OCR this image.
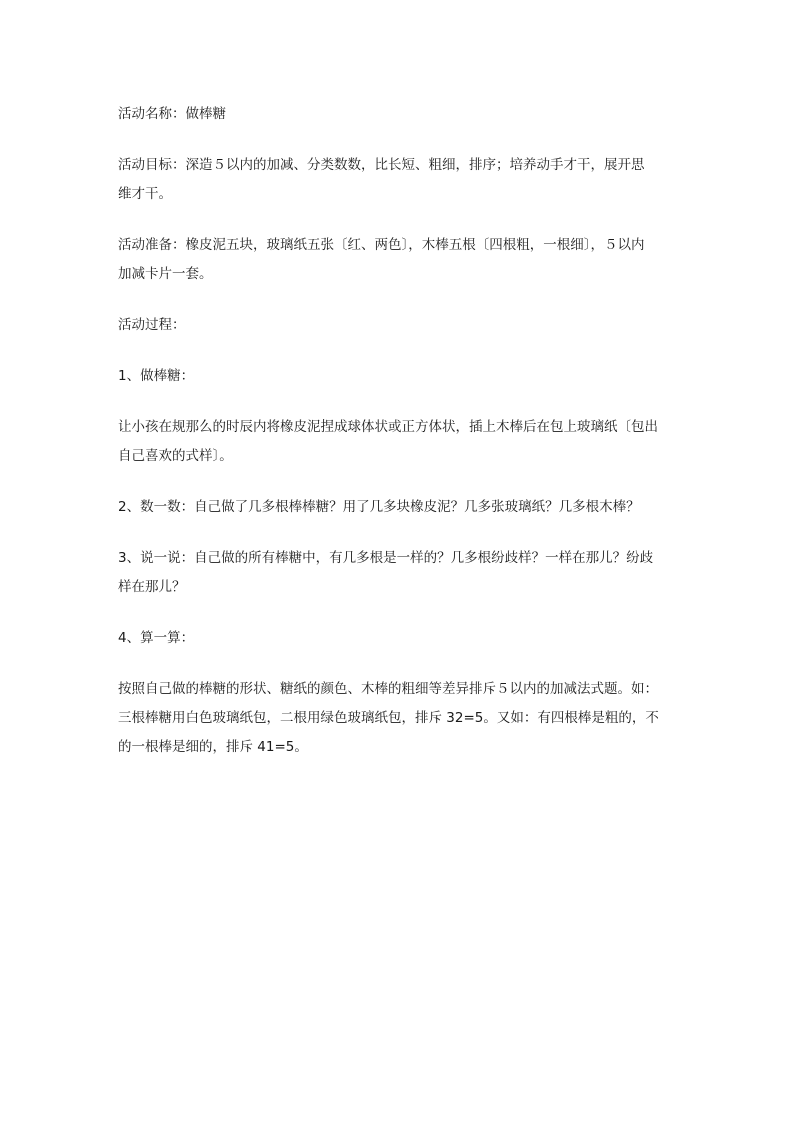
活动名称：做棒糖

活动目标：深造５以内的加减、分类数数，比长短、粗细，排序；培养动手才干，展开思
维才干。

活动准备：橡皮泥五块，玻璃纸五张〔红、两色〕，木棒五根〔四根粗，一根细〕，５以内
加减卡片一套。

活动过程：

1、做棒糖：

让小孩在规那么的时辰内将橡皮泥捏成球体状或正方体状，插上木棒后在包上玻璃纸〔包出
自己喜欢的式样〕。

2、数一数：自己做了几多根棒棒糖？用了几多块橡皮泥？几多张玻璃纸？几多根木棒？

3、说一说：自己做的所有棒糖中，有几多根是一样的？几多根纷歧样？一样在那儿？纷歧
样在那儿？

4、算一算：

按照自己做的棒糖的形状、糖纸的颜色、木棒的粗细等差异排斥５以内的加减法式题。如：
三根棒糖用白色玻璃纸包，二根用绿色玻璃纸包，排斥 32=5。又如：有四根棒是粗的，不
的一根棒是细的，排斥 41=5。
